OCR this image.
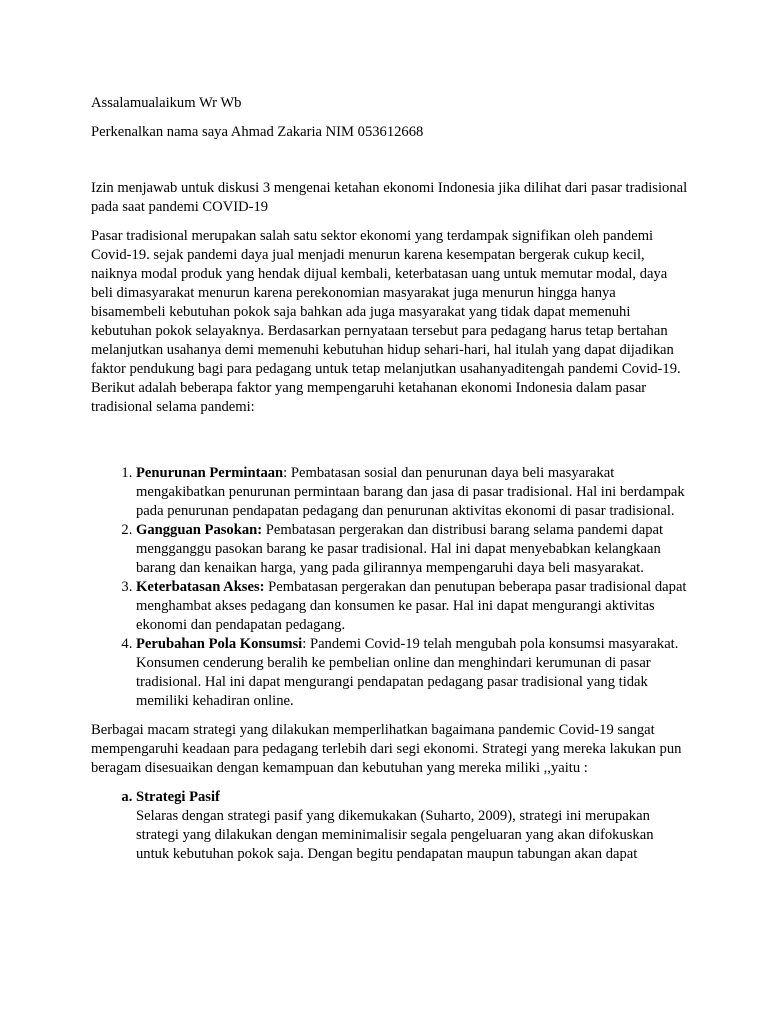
Assalamualaikum Wr Wb

Perkenalkan nama saya Ahmad Zakaria NIM 053612668

Izin menjawab untuk diskusi 3 mengenai ketahan ekonomi Indonesia jika dilihat dari pasar tradisional pada saat pandemi COVID-19

Pasar tradisional merupakan salah satu sektor ekonomi yang terdampak signifikan oleh pandemi Covid-19. sejak pandemi daya jual menjadi menurun karena kesempatan bergerak cukup kecil, naiknya modal produk yang hendak dijual kembali, keterbatasan uang untuk memutar modal, daya beli dimasyarakat menurun karena perekonomian masyarakat juga menurun hingga hanya bisamembeli kebutuhan pokok saja bahkan ada juga masyarakat yang tidak dapat memenuhi kebutuhan pokok selayaknya. Berdasarkan pernyataan tersebut para pedagang harus tetap bertahan melanjutkan usahanya demi memenuhi kebutuhan hidup sehari-hari, hal itulah yang dapat dijadikan faktor pendukung bagi para pedagang untuk tetap melanjutkan usahanyaditengah pandemi Covid-19. Berikut adalah beberapa faktor yang mempengaruhi ketahanan ekonomi Indonesia dalam pasar tradisional selama pandemi:

1. Penurunan Permintaan: Pembatasan sosial dan penurunan daya beli masyarakat mengakibatkan penurunan permintaan barang dan jasa di pasar tradisional. Hal ini berdampak pada penurunan pendapatan pedagang dan penurunan aktivitas ekonomi di pasar tradisional.
2. Gangguan Pasokan: Pembatasan pergerakan dan distribusi barang selama pandemi dapat mengganggu pasokan barang ke pasar tradisional. Hal ini dapat menyebabkan kelangkaan barang dan kenaikan harga, yang pada gilirannya mempengaruhi daya beli masyarakat.
3. Keterbatasan Akses: Pembatasan pergerakan dan penutupan beberapa pasar tradisional dapat menghambat akses pedagang dan konsumen ke pasar. Hal ini dapat mengurangi aktivitas ekonomi dan pendapatan pedagang.
4. Perubahan Pola Konsumsi: Pandemi Covid-19 telah mengubah pola konsumsi masyarakat. Konsumen cenderung beralih ke pembelian online dan menghindari kerumunan di pasar tradisional. Hal ini dapat mengurangi pendapatan pedagang pasar tradisional yang tidak memiliki kehadiran online.

Berbagai macam strategi yang dilakukan memperlihatkan bagaimana pandemic Covid-19 sangat mempengaruhi keadaan para pedagang terlebih dari segi ekonomi. Strategi yang mereka lakukan pun beragam disesuaikan dengan kemampuan dan kebutuhan yang mereka miliki ,,yaitu :

a. Strategi Pasif
Selaras dengan strategi pasif yang dikemukakan (Suharto, 2009), strategi ini merupakan strategi yang dilakukan dengan meminimalisir segala pengeluaran yang akan difokuskan untuk kebutuhan pokok saja. Dengan begitu pendapatan maupun tabungan akan dapat
